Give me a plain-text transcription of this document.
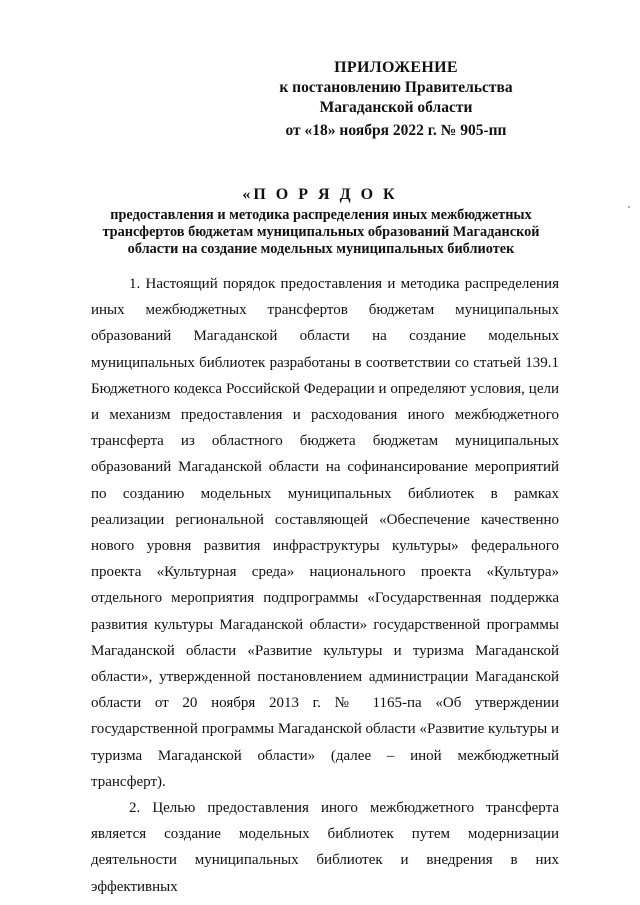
ПРИЛОЖЕНИЕ
к постановлению Правительства
Магаданской области
от «18» ноября 2022 г. № 905-пп
«П О Р Я Д О К
предоставления и методика распределения иных межбюджетных трансфертов бюджетам муниципальных образований Магаданской области на создание модельных муниципальных библиотек

1. Настоящий порядок предоставления и методика распределения иных межбюджетных трансфертов бюджетам муниципальных образований Магаданской области на создание модельных муниципальных библиотек разработаны в соответствии со статьей 139.1 Бюджетного кодекса Российской Федерации и определяют условия, цели и механизм предоставления и расходования иного межбюджетного трансферта из областного бюджета бюджетам муниципальных образований Магаданской области на софинансирование мероприятий по созданию модельных муниципальных библиотек в рамках реализации региональной составляющей «Обеспечение качественно нового уровня развития инфраструктуры культуры» федерального проекта «Культурная среда» национального проекта «Культура» отдельного мероприятия подпрограммы «Государственная поддержка развития культуры Магаданской области» государственной программы Магаданской области «Развитие культуры и туризма Магаданской области», утвержденной постановлением администрации Магаданской области от 20 ноября 2013 г. № 1165-па «Об утверждении государственной программы Магаданской области «Развитие культуры и туризма Магаданской области» (далее – иной межбюджетный трансферт).

2. Целью предоставления иного межбюджетного трансферта является создание модельных библиотек путем модернизации деятельности муниципальных библиотек и внедрения в них эффективных
